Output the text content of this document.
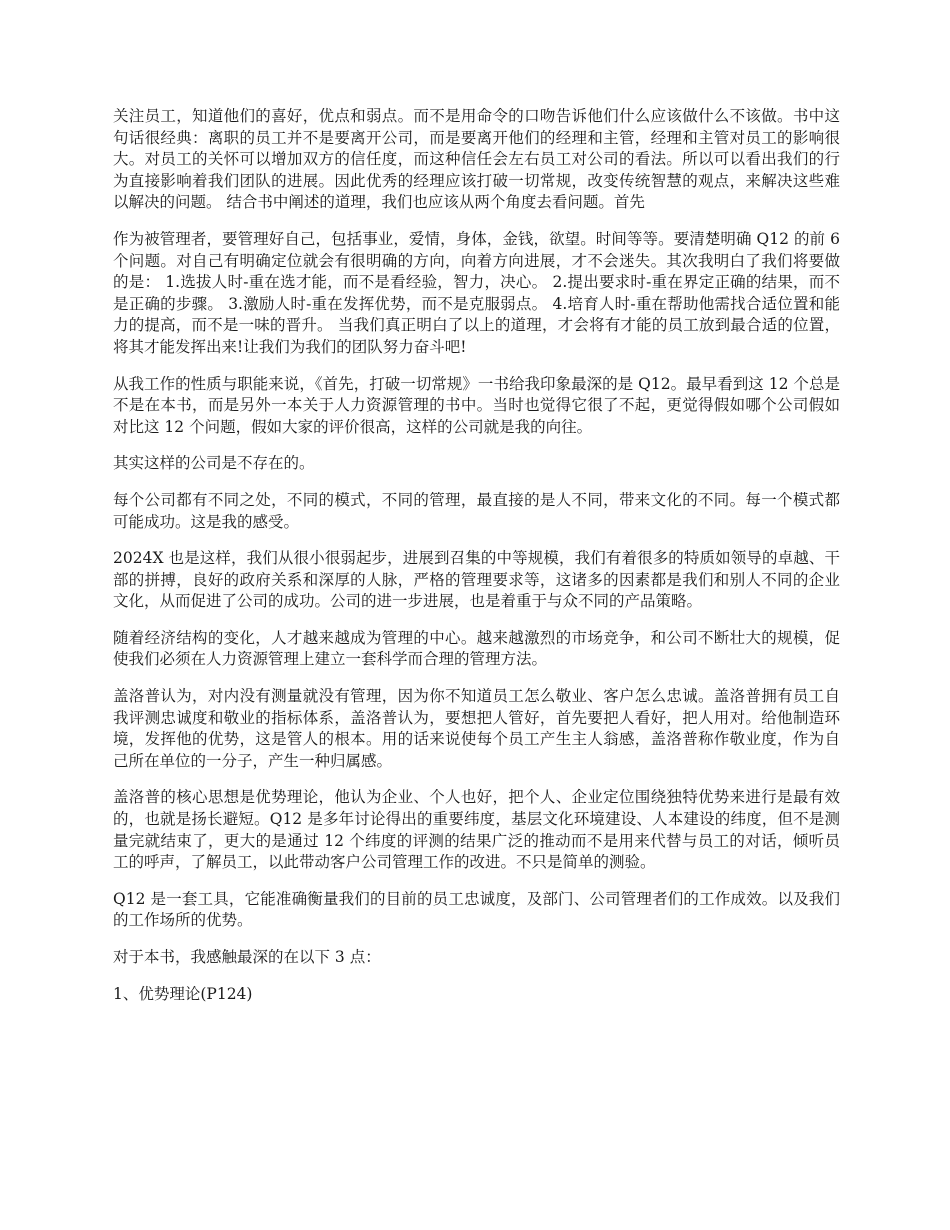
关注员工，知道他们的喜好，优点和弱点。而不是用命令的口吻告诉他们什么应该做什么不该做。书中这句话很经典：离职的员工并不是要离开公司，而是要离开他们的经理和主管，经理和主管对员工的影响很大。对员工的关怀可以增加双方的信任度，而这种信任会左右员工对公司的看法。所以可以看出我们的行为直接影响着我们团队的进展。因此优秀的经理应该打破一切常规，改变传统智慧的观点，来解决这些难以解决的问题。 结合书中阐述的道理，我们也应该从两个角度去看问题。首先

作为被管理者，要管理好自己，包括事业，爱情，身体，金钱，欲望。时间等等。要清楚明确 Q12 的前 6 个问题。对自己有明确定位就会有很明确的方向，向着方向进展，才不会迷失。其次我明白了我们将要做的是： 1.选拔人时-重在选才能，而不是看经验，智力，决心。 2.提出要求时-重在界定正确的结果，而不是正确的步骤。 3.激励人时-重在发挥优势，而不是克服弱点。 4.培育人时-重在帮助他需找合适位置和能力的提高，而不是一味的晋升。 当我们真正明白了以上的道理，才会将有才能的员工放到最合适的位置，将其才能发挥出来!让我们为我们的团队努力奋斗吧!

从我工作的性质与职能来说，《首先，打破一切常规》一书给我印象最深的是 Q12。最早看到这 12 个总是不是在本书，而是另外一本关于人力资源管理的书中。当时也觉得它很了不起，更觉得假如哪个公司假如对比这 12 个问题，假如大家的评价很高，这样的公司就是我的向往。

其实这样的公司是不存在的。

每个公司都有不同之处，不同的模式，不同的管理，最直接的是人不同，带来文化的不同。每一个模式都可能成功。这是我的感受。

2024X 也是这样，我们从很小很弱起步，进展到召集的中等规模，我们有着很多的特质如领导的卓越、干部的拼搏，良好的政府关系和深厚的人脉，严格的管理要求等，这诸多的因素都是我们和别人不同的企业文化，从而促进了公司的成功。公司的进一步进展，也是着重于与众不同的产品策略。

随着经济结构的变化，人才越来越成为管理的中心。越来越激烈的市场竞争，和公司不断壮大的规模，促使我们必须在人力资源管理上建立一套科学而合理的管理方法。

盖洛普认为，对内没有测量就没有管理，因为你不知道员工怎么敬业、客户怎么忠诚。盖洛普拥有员工自我评测忠诚度和敬业的指标体系，盖洛普认为，要想把人管好，首先要把人看好，把人用对。给他制造环境，发挥他的优势，这是管人的根本。用的话来说使每个员工产生主人翁感，盖洛普称作敬业度，作为自己所在单位的一分子，产生一种归属感。

盖洛普的核心思想是优势理论，他认为企业、个人也好，把个人、企业定位围绕独特优势来进行是最有效的，也就是扬长避短。Q12 是多年讨论得出的重要纬度，基层文化环境建设、人本建设的纬度，但不是测量完就结束了，更大的是通过 12 个纬度的评测的结果广泛的推动而不是用来代替与员工的对话，倾听员工的呼声，了解员工，以此带动客户公司管理工作的改进。不只是简单的测验。

Q12 是一套工具，它能准确衡量我们的目前的员工忠诚度，及部门、公司管理者们的工作成效。以及我们的工作场所的优势。

对于本书，我感触最深的在以下 3 点：

1、优势理论(P124)
